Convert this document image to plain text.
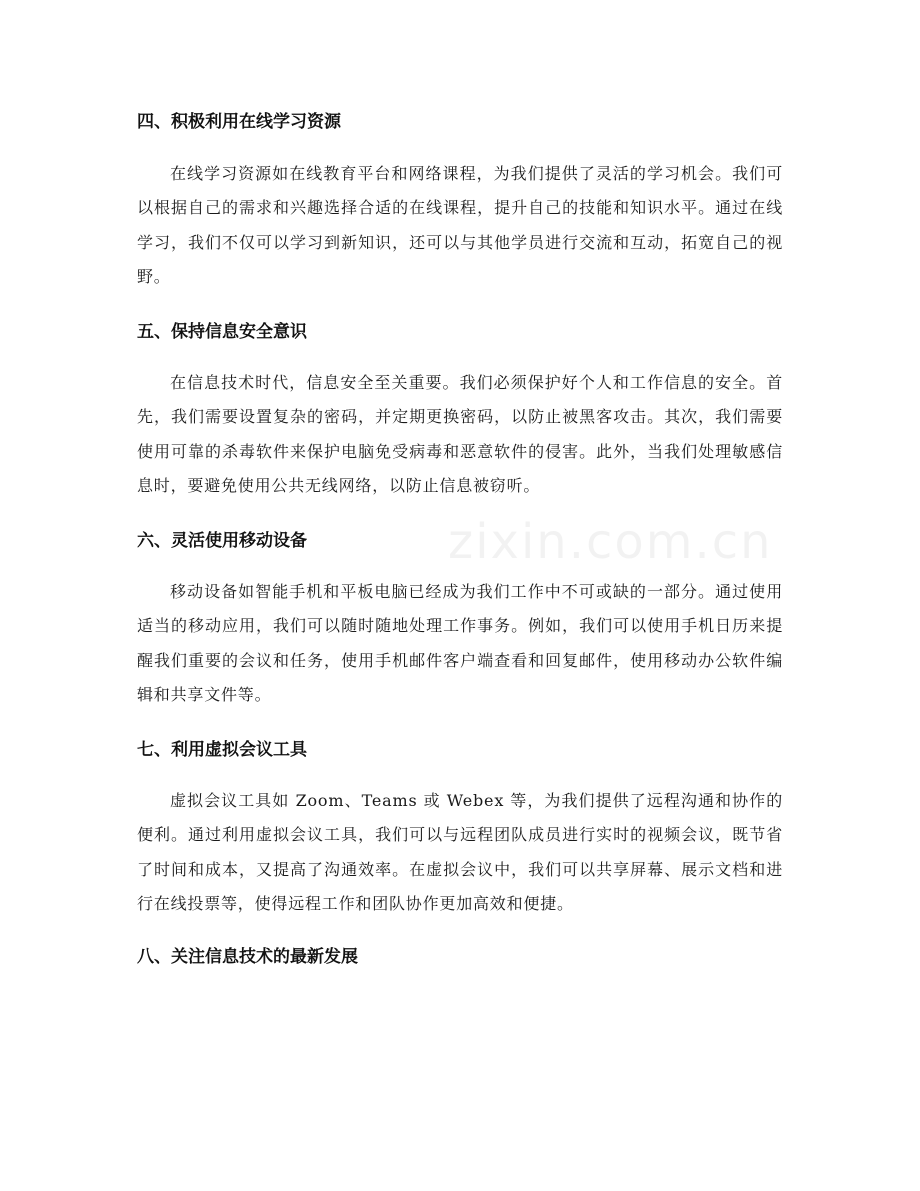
zixin.com.cn
四、积极利用在线学习资源
在线学习资源如在线教育平台和网络课程，为我们提供了灵活的学习机会。我们可以根据自己的需求和兴趣选择合适的在线课程，提升自己的技能和知识水平。通过在线学习，我们不仅可以学习到新知识，还可以与其他学员进行交流和互动，拓宽自己的视野。
五、保持信息安全意识
在信息技术时代，信息安全至关重要。我们必须保护好个人和工作信息的安全。首先，我们需要设置复杂的密码，并定期更换密码，以防止被黑客攻击。其次，我们需要使用可靠的杀毒软件来保护电脑免受病毒和恶意软件的侵害。此外，当我们处理敏感信息时，要避免使用公共无线网络，以防止信息被窃听。
六、灵活使用移动设备
移动设备如智能手机和平板电脑已经成为我们工作中不可或缺的一部分。通过使用适当的移动应用，我们可以随时随地处理工作事务。例如，我们可以使用手机日历来提醒我们重要的会议和任务，使用手机邮件客户端查看和回复邮件，使用移动办公软件编辑和共享文件等。
七、利用虚拟会议工具
虚拟会议工具如 Zoom、Teams 或 Webex 等，为我们提供了远程沟通和协作的便利。通过利用虚拟会议工具，我们可以与远程团队成员进行实时的视频会议，既节省了时间和成本，又提高了沟通效率。在虚拟会议中，我们可以共享屏幕、展示文档和进行在线投票等，使得远程工作和团队协作更加高效和便捷。
八、关注信息技术的最新发展
